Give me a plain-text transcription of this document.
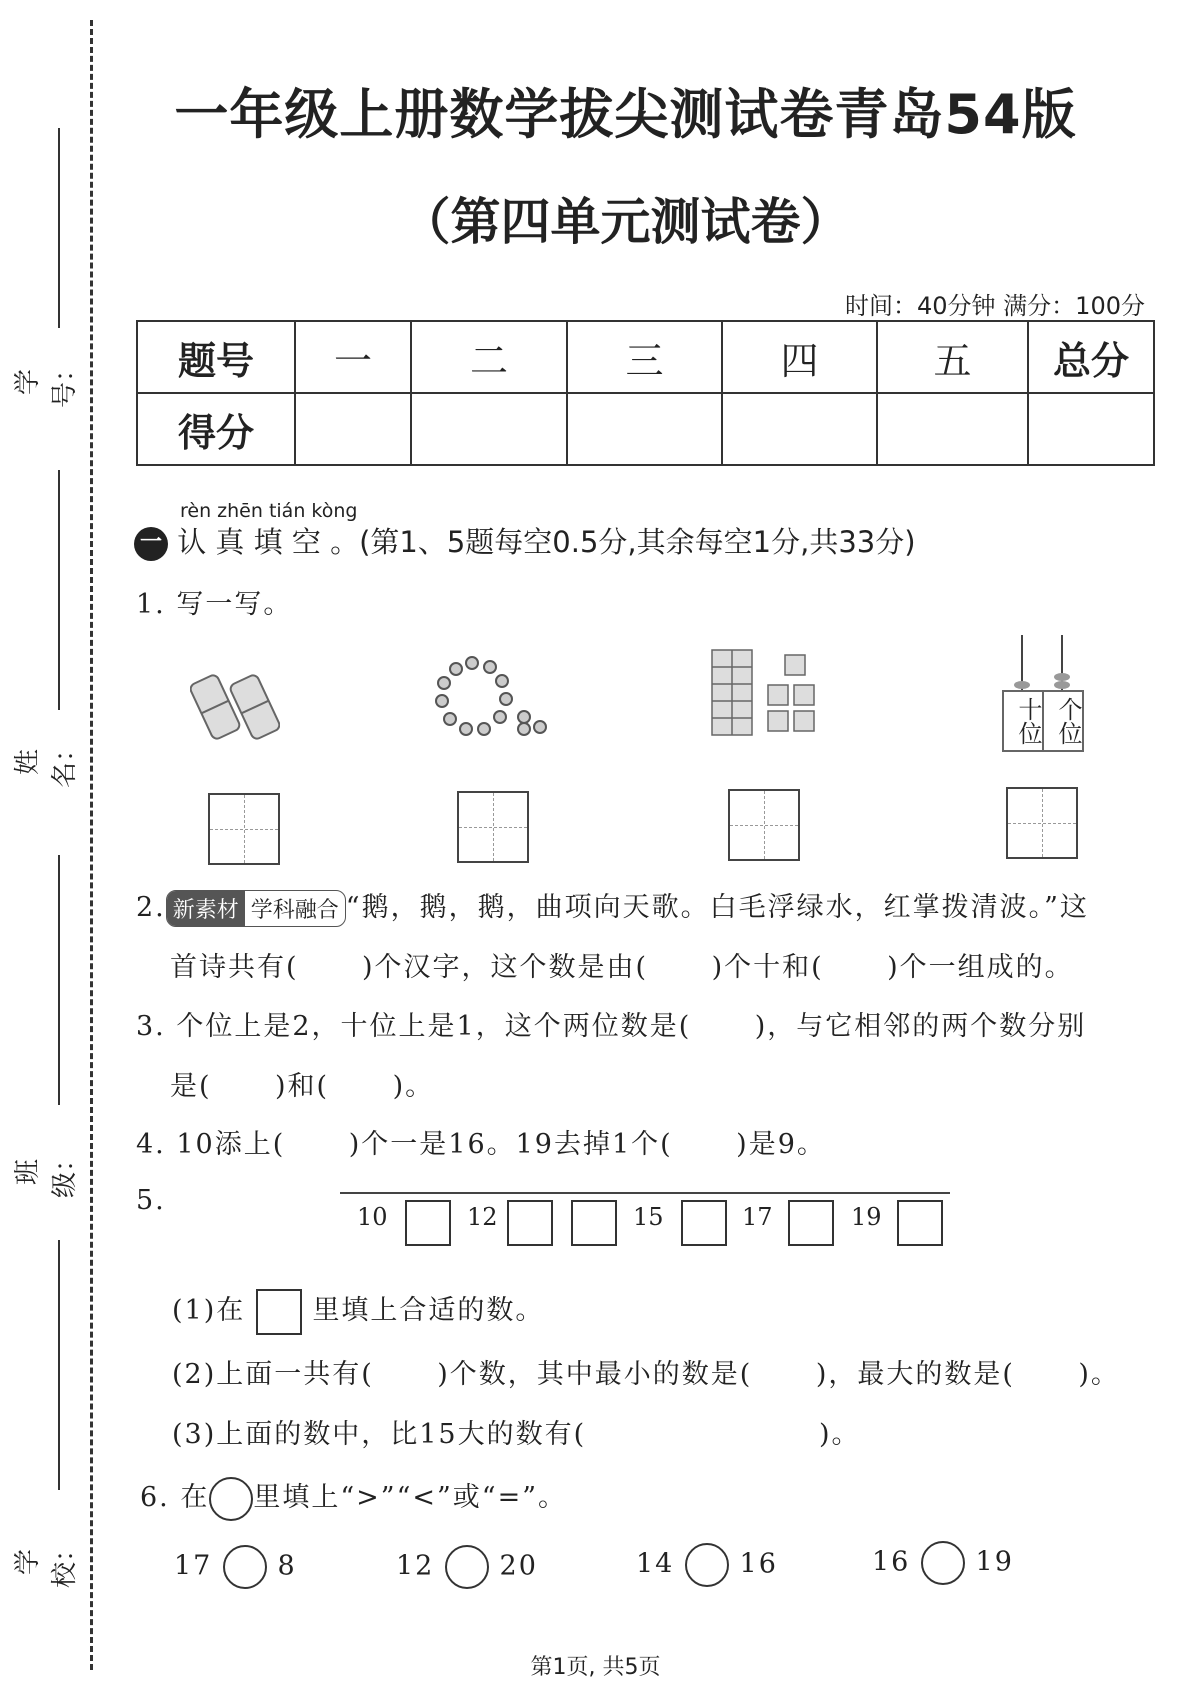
学号：
姓名：
班级：
学校：
一年级上册数学拔尖测试卷青岛54版
（第四单元测试卷）
时间：40分钟 满分：100分
题号	一	二	三	四	五	总分
得分						
rèn zhēn tián kòng
一 认 真 填 空 。(第1、5题每空0.5分,其余每空1分,共33分)
1. 写一写。
十位 个位
2. 新素材 学科融合 “鹅，鹅，鹅，曲项向天歌。白毛浮绿水，红掌拨清波。”这
首诗共有(      )个汉字，这个数是由(      )个十和(      )个一组成的。
3. 个位上是2，十位上是1，这个两位数是(      )，与它相邻的两个数分别
是(      )和(      )。
4. 10添上(      )个一是16。19去掉1个(      )是9。
5.
10	12	15	17	19
(1)在 里填上合适的数。
(2)上面一共有(      )个数，其中最小的数是(      )，最大的数是(      )。
(3)上面的数中，比15大的数有(                      )。
6. 在 里填上“>”“<”或“=”。
17 8	12 20	14 16	16 19
第1页, 共5页
